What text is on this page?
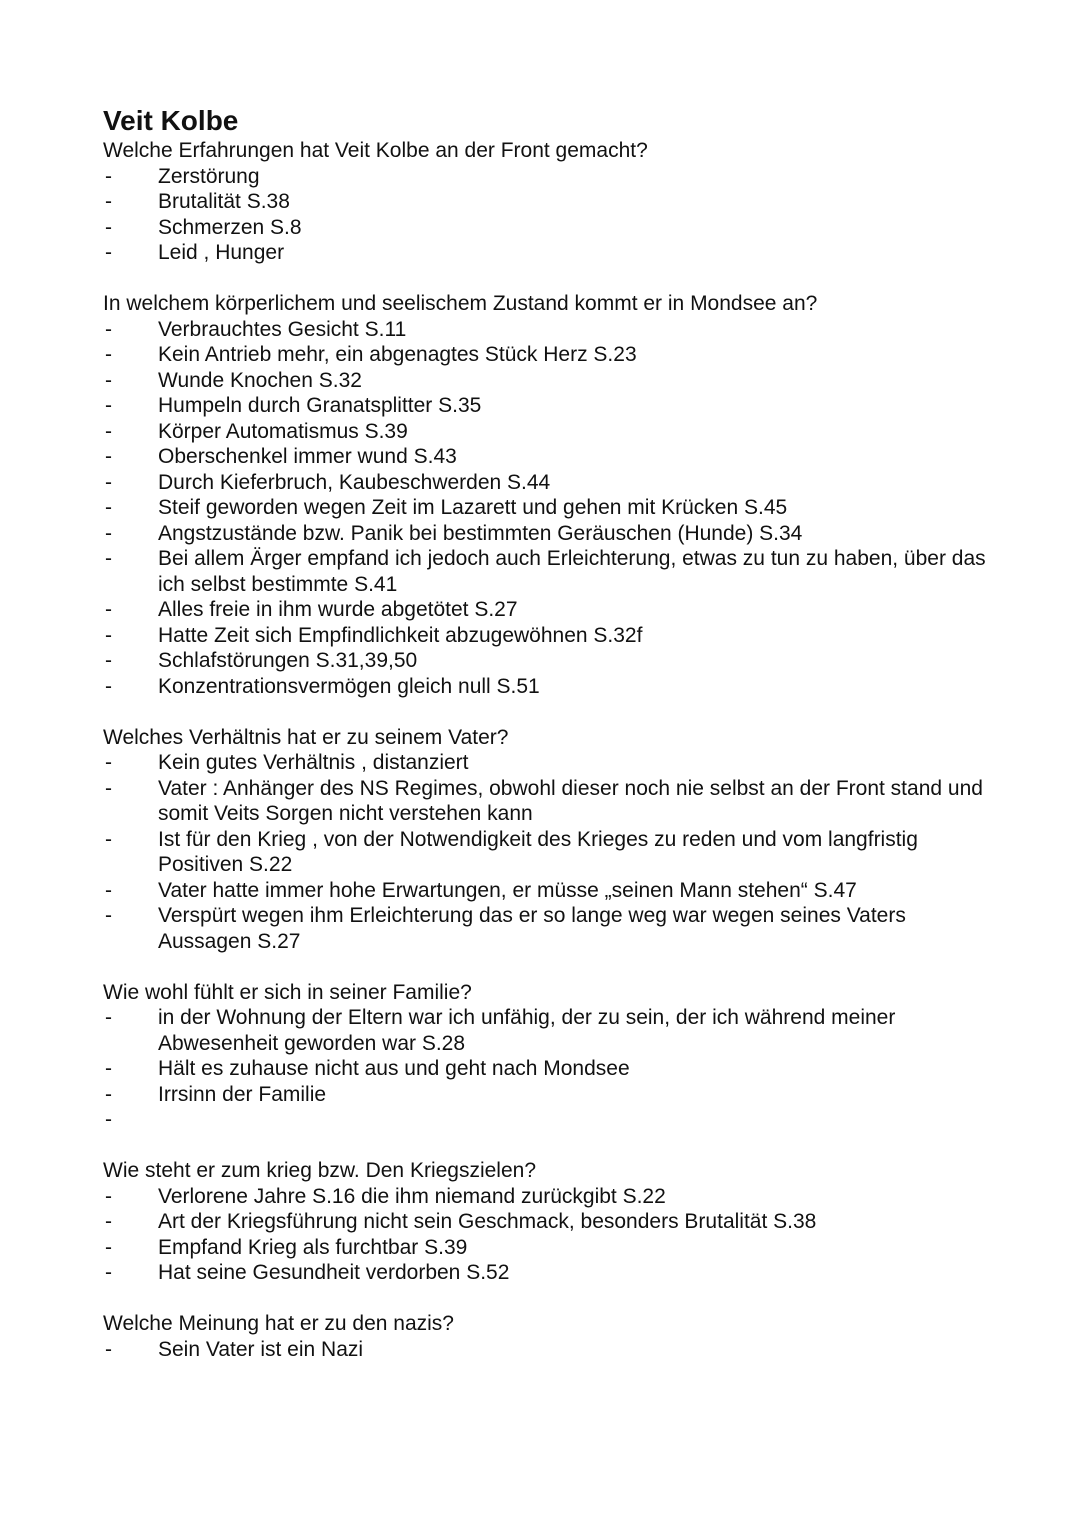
Veit Kolbe

Welche Erfahrungen hat Veit Kolbe an der Front gemacht?

- Zerstörung
- Brutalität S.38
- Schmerzen S.8
- Leid , Hunger

In welchem körperlichem und seelischem Zustand kommt er in Mondsee an?

- Verbrauchtes Gesicht S.11
- Kein Antrieb mehr, ein abgenagtes Stück Herz S.23
- Wunde Knochen S.32
- Humpeln durch Granatsplitter S.35
- Körper Automatismus S.39
- Oberschenkel immer wund S.43
- Durch Kieferbruch, Kaubeschwerden S.44
- Steif geworden wegen Zeit im Lazarett und gehen mit Krücken S.45
- Angstzustände bzw. Panik bei bestimmten Geräuschen (Hunde) S.34
- Bei allem Ärger empfand ich jedoch auch Erleichterung, etwas zu tun zu haben, über das ich selbst bestimmte S.41
- Alles freie in ihm wurde abgetötet S.27
- Hatte Zeit sich Empfindlichkeit abzugewöhnen S.32f
- Schlafstörungen S.31,39,50
- Konzentrationsvermögen gleich null S.51

Welches Verhältnis hat er zu seinem Vater?

- Kein gutes Verhältnis , distanziert
- Vater : Anhänger des NS Regimes, obwohl dieser noch nie selbst an der Front stand und somit Veits Sorgen nicht verstehen kann
- Ist für den Krieg , von der Notwendigkeit des Krieges zu reden und vom langfristig Positiven S.22
- Vater hatte immer hohe Erwartungen, er müsse „seinen Mann stehen“ S.47
- Verspürt wegen ihm Erleichterung das er so lange weg war wegen seines Vaters Aussagen S.27

Wie wohl fühlt er sich in seiner Familie?

- in der Wohnung der Eltern war ich unfähig, der zu sein, der ich während meiner Abwesenheit geworden war S.28
- Hält es zuhause nicht aus und geht nach Mondsee
- Irrsinn der Familie
-

Wie steht er zum krieg bzw. Den Kriegszielen?

- Verlorene Jahre S.16 die ihm niemand zurückgibt S.22
- Art der Kriegsführung nicht sein Geschmack, besonders Brutalität S.38
- Empfand Krieg als furchtbar S.39
- Hat seine Gesundheit verdorben S.52

Welche Meinung hat er zu den nazis?

- Sein Vater ist ein Nazi
